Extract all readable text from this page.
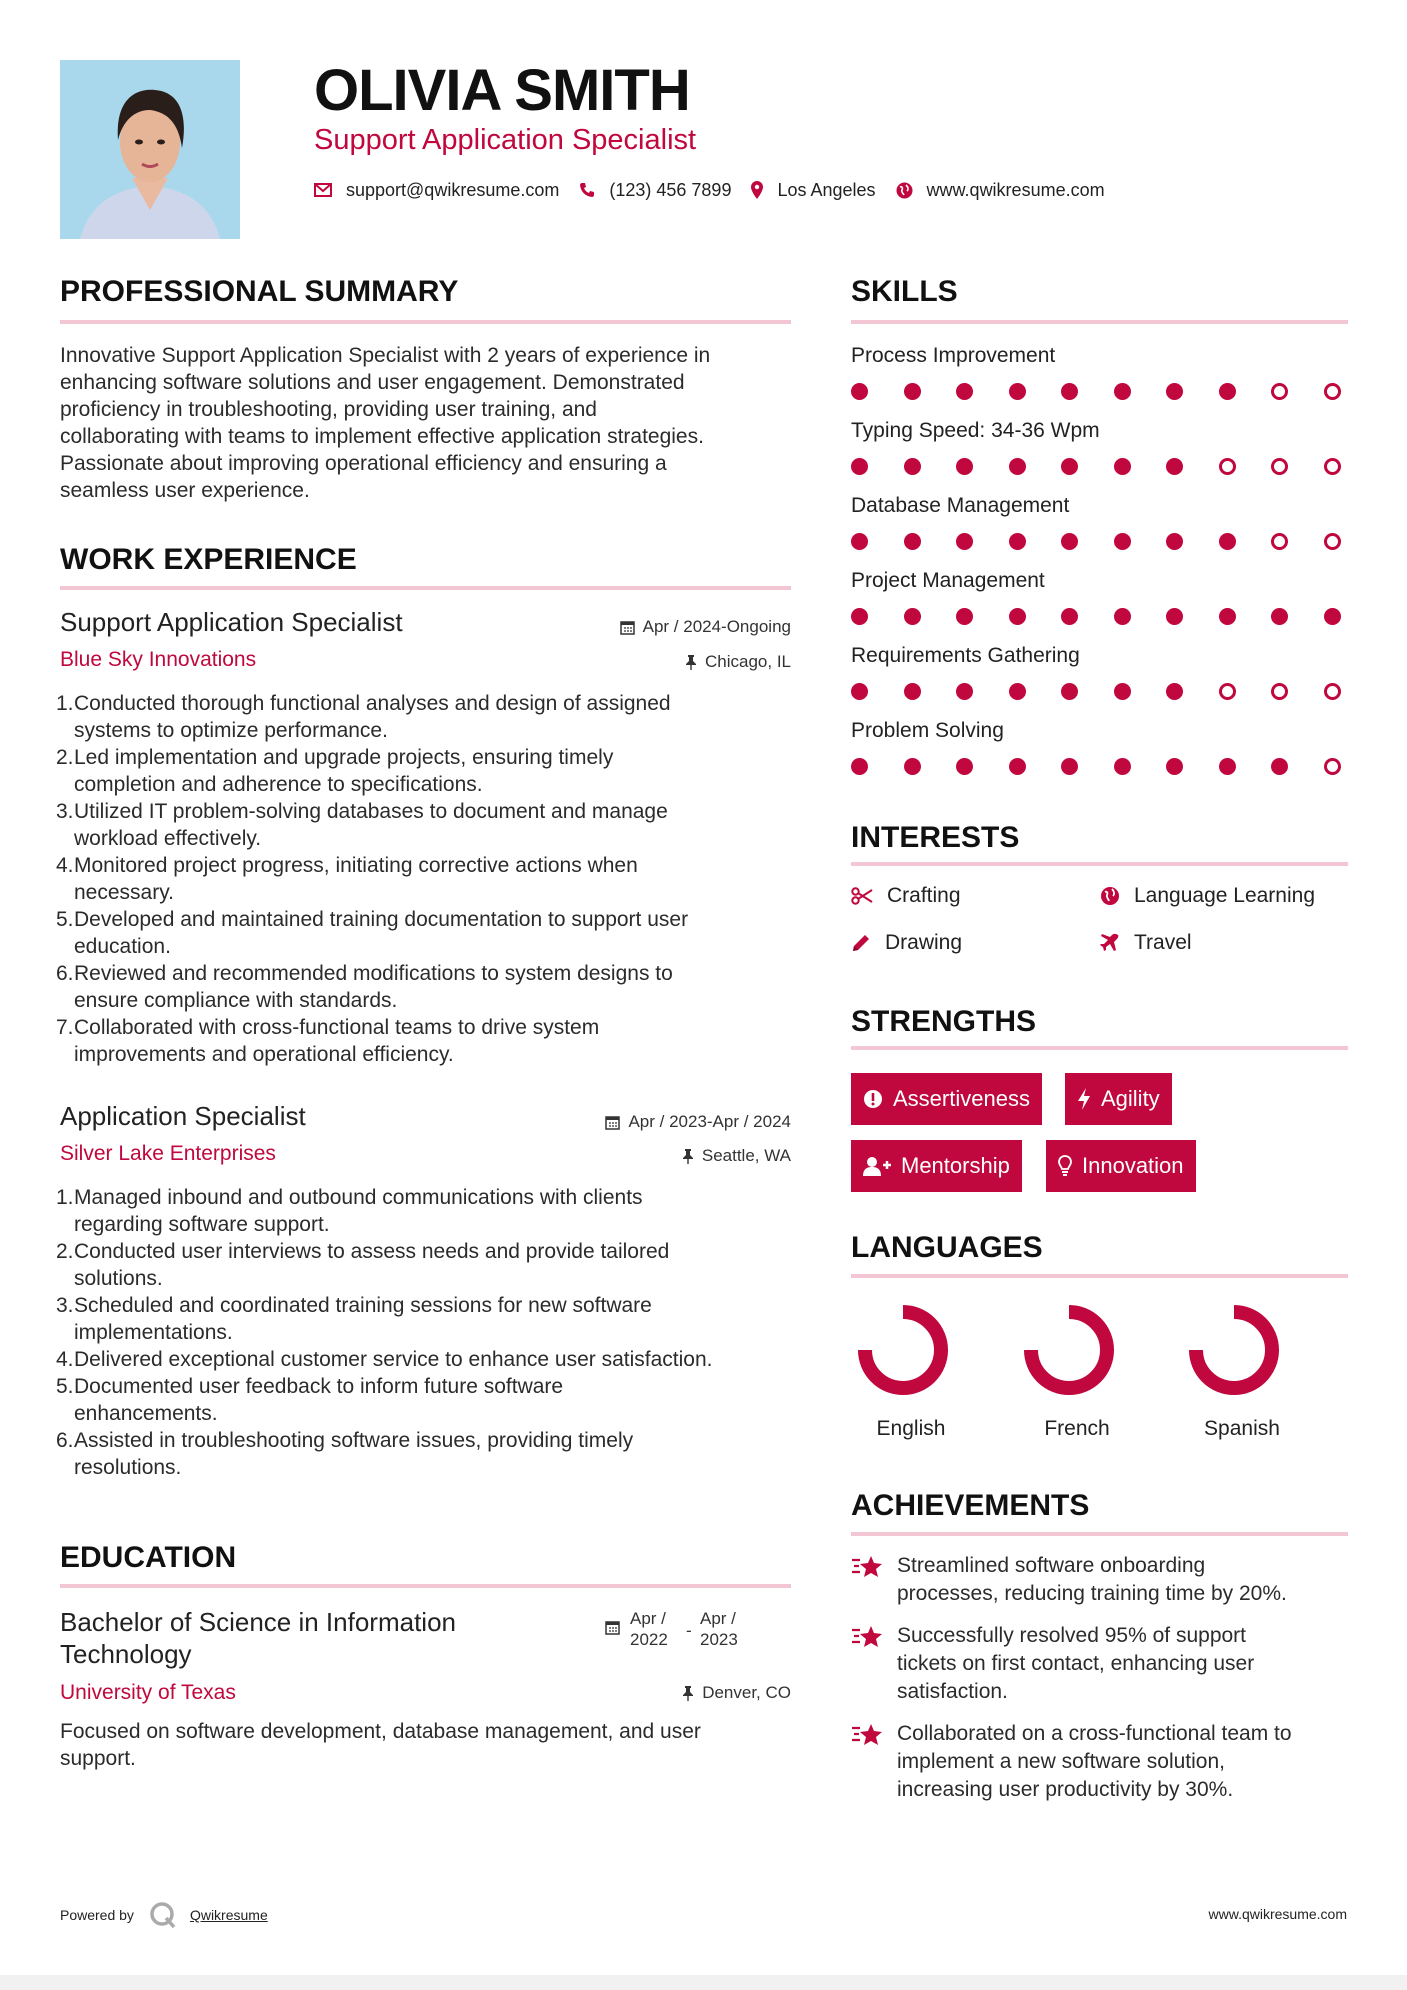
OLIVIA SMITH
Support Application Specialist
support@qwikresume.com	(123) 456 7899	Los Angeles	www.qwikresume.com
PROFESSIONAL SUMMARY
Innovative Support Application Specialist with 2 years of experience in
enhancing software solutions and user engagement. Demonstrated
proficiency in troubleshooting, providing user training, and
collaborating with teams to implement effective application strategies.
Passionate about improving operational efficiency and ensuring a
seamless user experience.
WORK EXPERIENCE
Support Application Specialist	Apr / 2024-Ongoing
Blue Sky Innovations	Chicago, IL
1. Conducted thorough functional analyses and design of assigned
systems to optimize performance.
2. Led implementation and upgrade projects, ensuring timely
completion and adherence to specifications.
3. Utilized IT problem-solving databases to document and manage
workload effectively.
4. Monitored project progress, initiating corrective actions when
necessary.
5. Developed and maintained training documentation to support user
education.
6. Reviewed and recommended modifications to system designs to
ensure compliance with standards.
7. Collaborated with cross-functional teams to drive system
improvements and operational efficiency.
Application Specialist	Apr / 2023-Apr / 2024
Silver Lake Enterprises	Seattle, WA
1. Managed inbound and outbound communications with clients
regarding software support.
2. Conducted user interviews to assess needs and provide tailored
solutions.
3. Scheduled and coordinated training sessions for new software
implementations.
4. Delivered exceptional customer service to enhance user satisfaction.
5. Documented user feedback to inform future software
enhancements.
6. Assisted in troubleshooting software issues, providing timely
resolutions.
EDUCATION
Bachelor of Science in Information
Technology
Apr /
2022	-
Apr /
2023
University of Texas	Denver, CO
Focused on software development, database management, and user
support.
SKILLS
Process Improvement
Typing Speed: 34-36 Wpm
Database Management
Project Management
Requirements Gathering
Problem Solving
INTERESTS
Crafting	Language Learning
Drawing	Travel
STRENGTHS
Assertiveness	Agility
Mentorship	Innovation
LANGUAGES
English	French	Spanish
ACHIEVEMENTS
Streamlined software onboarding
processes, reducing training time by 20%.
Successfully resolved 95% of support
tickets on first contact, enhancing user
satisfaction.
Collaborated on a cross-functional team to
implement a new software solution,
increasing user productivity by 30%.
Powered by	Qwikresume	www.qwikresume.com
